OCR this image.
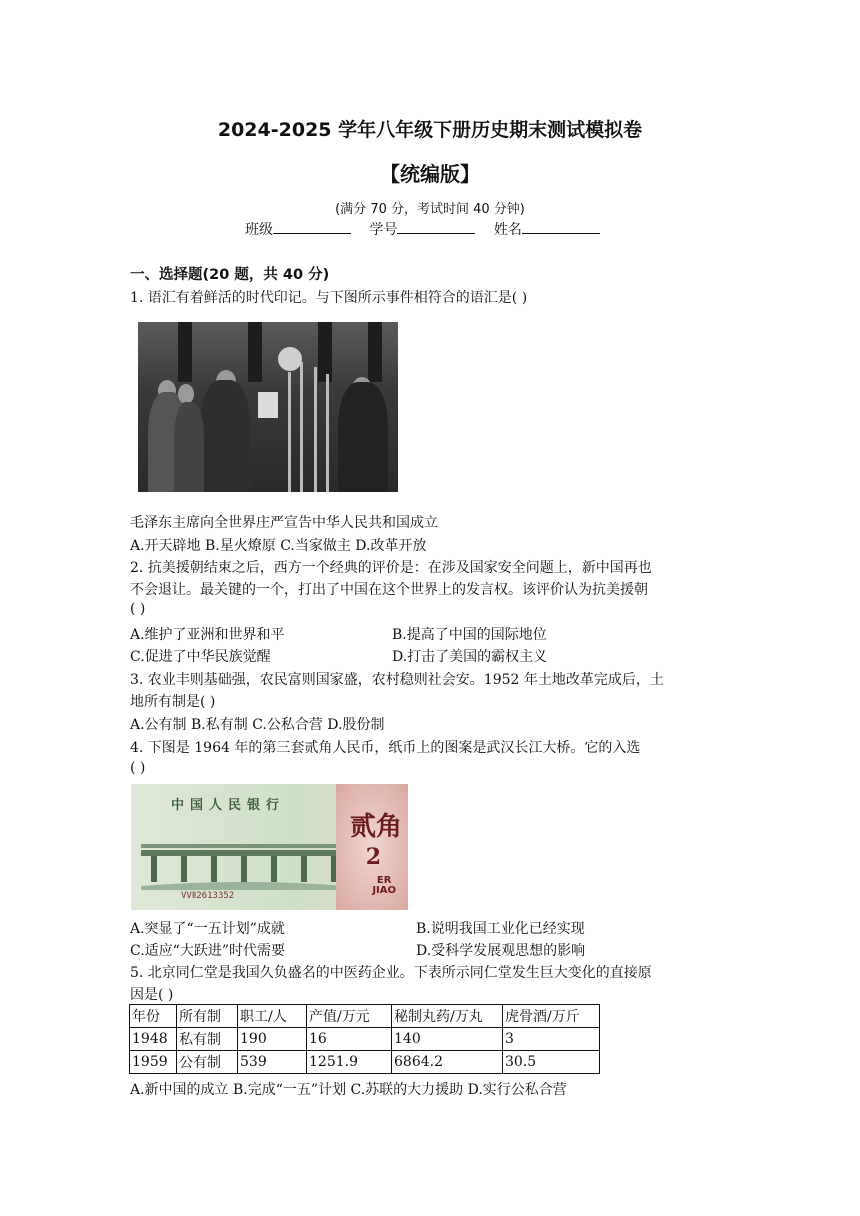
2024-2025 学年八年级下册历史期末测试模拟卷
【统编版】
(满分 70 分，考试时间 40 分钟)
班级	学号	姓名
一、选择题(20 题，共 40 分)
1. 语汇有着鲜活的时代印记。与下图所示事件相符合的语汇是( )
毛泽东主席向全世界庄严宣告中华人民共和国成立
A.开天辟地 B.星火燎原 C.当家做主 D.改革开放
2. 抗美援朝结束之后，西方一个经典的评价是：在涉及国家安全问题上，新中国再也
不会退让。最关键的一个，打出了中国在这个世界上的发言权。该评价认为抗美援朝
( )
A.维护了亚洲和世界和平	B.提高了中国的国际地位
C.促进了中华民族觉醒	D.打击了美国的霸权主义
3. 农业丰则基础强，农民富则国家盛，农村稳则社会安。1952 年土地改革完成后，土
地所有制是( )
A.公有制 B.私有制 C.公私合营 D.股份制
4. 下图是 1964 年的第三套贰角人民币，纸币上的图案是武汉长江大桥。它的入选
( )
中国人民银行
贰角
2
ER
JIAO
VVⅡ2613352
A.突显了“一五计划”成就	B.说明我国工业化已经实现
C.适应“大跃进”时代需要	D.受科学发展观思想的影响
5. 北京同仁堂是我国久负盛名的中医药企业。下表所示同仁堂发生巨大变化的直接原
因是( )
年份	所有制	职工/人	产值/万元	秘制丸药/万丸	虎骨酒/万斤
1948	私有制	190	16	140	3
1959	公有制	539	1251.9	6864.2	30.5
A.新中国的成立 B.完成“一五”计划 C.苏联的大力援助 D.实行公私合营
